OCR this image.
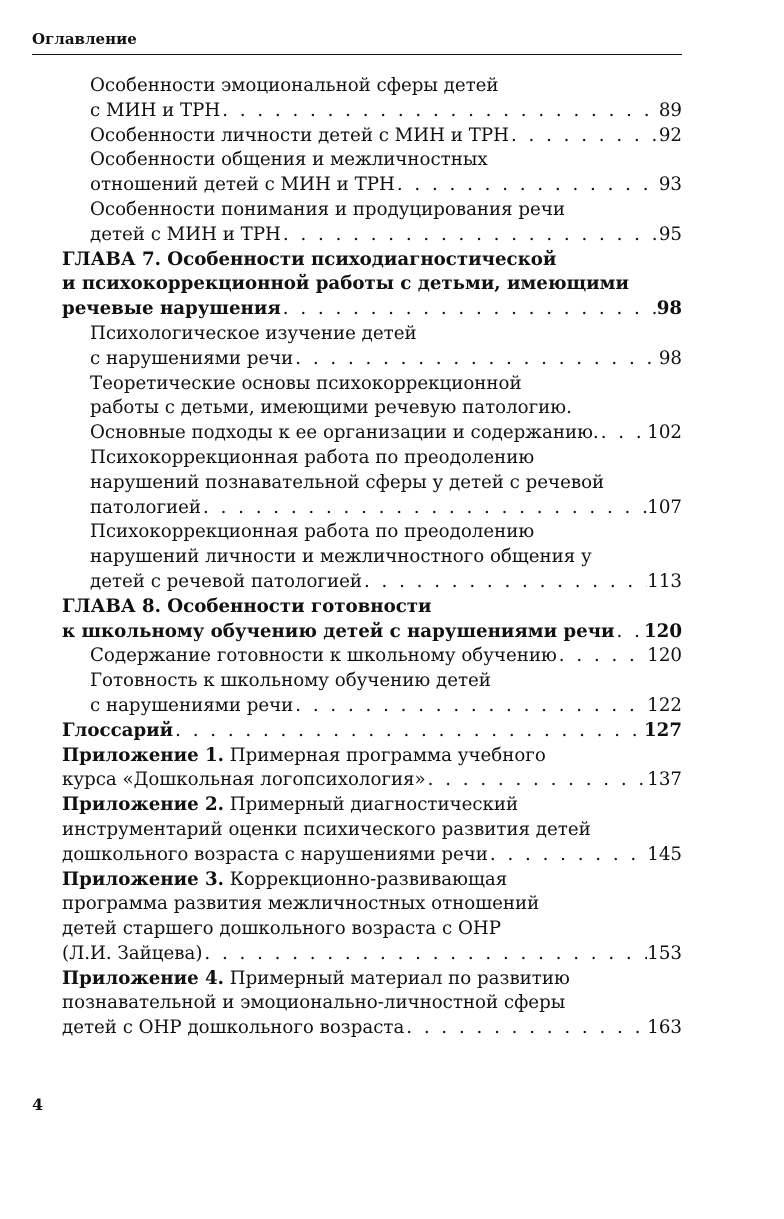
Оглавление
Особенности эмоциональной сферы детей
с МИН и ТРН . . .	89
Особенности личности детей с МИН и ТРН . . .	92
Особенности общения и межличностных
отношений детей с МИН и ТРН . . .	93
Особенности понимания и продуцирования речи
детей с МИН и ТРН . . .	95
ГЛАВА 7. Особенности психодиагностической
и психокоррекционной работы с детьми, имеющими
речевые нарушения . . .	98
Психологическое изучение детей
с нарушениями речи . . .	98
Теоретические основы психокоррекционной
работы с детьми, имеющими речевую патологию.
Основные подходы к ее организации и содержанию. . . .	102
Психокоррекционная работа по преодолению
нарушений познавательной сферы у детей с речевой
патологией . . .	107
Психокоррекционная работа по преодолению
нарушений личности и межличностного общения у
детей с речевой патологией . . .	113
ГЛАВА 8. Особенности готовности
к школьному обучению детей с нарушениями речи . . . 120
Содержание готовности к школьному обучению . . .	120
Готовность к школьному обучению детей
с нарушениями речи . . .	122
Глоссарий . . .	127
Приложение 1. Примерная программа учебного
курса «Дошкольная логопсихология» . . .	137
Приложение 2. Примерный диагностический
инструментарий оценки психического развития детей
дошкольного возраста с нарушениями речи . . .	145
Приложение 3. Коррекционно-развивающая
программа развития межличностных отношений
детей старшего дошкольного возраста с ОНР
(Л.И. Зайцева) . . .	153
Приложение 4. Примерный материал по развитию
познавательной и эмоционально-личностной сферы
детей с ОНР дошкольного возраста . . .	163
4
